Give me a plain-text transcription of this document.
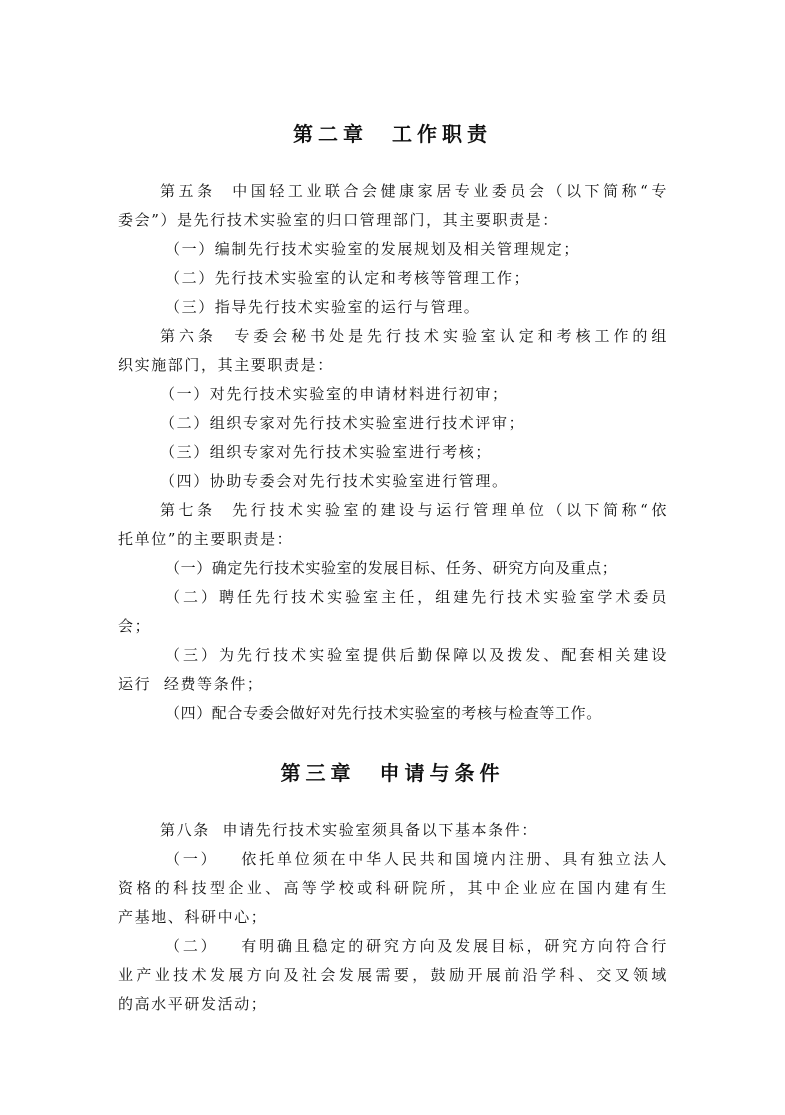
第二章  工作职责
第五条  中国轻工业联合会健康家居专业委员会（以下简称“专
委会”）是先行技术实验室的归口管理部门，其主要职责是：
（一）编制先行技术实验室的发展规划及相关管理规定；
（二）先行技术实验室的认定和考核等管理工作；
（三）指导先行技术实验室的运行与管理。
第六条  专委会秘书处是先行技术实验室认定和考核工作的组
织实施部门，其主要职责是：
（一）对先行技术实验室的申请材料进行初审；
（二）组织专家对先行技术实验室进行技术评审；
（三）组织专家对先行技术实验室进行考核；
（四）协助专委会对先行技术实验室进行管理。
第七条  先行技术实验室的建设与运行管理单位（以下简称“依
托单位”的主要职责是：
（一）确定先行技术实验室的发展目标、任务、研究方向及重点；
（二）聘任先行技术实验室主任，组建先行技术实验室学术委员
会；
（三）为先行技术实验室提供后勤保障以及拨发、配套相关建设
运行  经费等条件；
（四）配合专委会做好对先行技术实验室的考核与检查等工作。
第三章  申请与条件
第八条  申请先行技术实验室须具备以下基本条件：
（一）   依托单位须在中华人民共和国境内注册、具有独立法人
资格的科技型企业、高等学校或科研院所，其中企业应在国内建有生
产基地、科研中心；
（二）   有明确且稳定的研究方向及发展目标，研究方向符合行
业产业技术发展方向及社会发展需要，鼓励开展前沿学科、交叉领域
的高水平研发活动；
